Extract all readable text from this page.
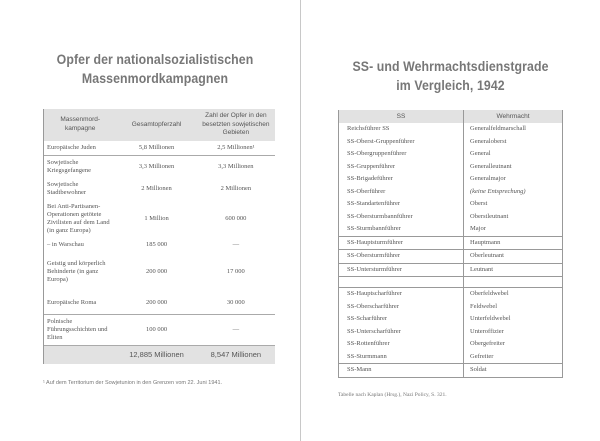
Opfer der nationalsozialistischen
Massenmordkampagnen
Massenmord-kampagne	Gesamtopferzahl	Zahl der Opfer in den besetzten sowjetischen Gebieten
Europäische Juden	5,8 Millionen	2,5 Millionen¹
Sowjetische Kriegsgefangene	3,3 Millionen	3,3 Millionen
Sowjetische Stadtbewohner	2 Millionen	2 Millionen
Bei Anti-Partisanen-Operationen getötete Zivilisten auf dem Land (in ganz Europa)	1 Million	600 000
– in Warschau	185 000	—
Geistig und körperlich Behinderte (in ganz Europa)	200 000	17 000
Europäische Roma	200 000	30 000
Polnische Führungsschichten und Eliten	100 000	—
	12,885 Millionen	8,547 Millionen
¹ Auf dem Territorium der Sowjetunion in den Grenzen vom 22. Juni 1941.
SS- und Wehrmachtsdienstgrade
im Vergleich, 1942
SS	Wehrmacht
Reichsführer SS	Generalfeldmarschall
SS-Oberst-Gruppenführer	Generaloberst
SS-Obergruppenführer	General
SS-Gruppenführer	Generalleutnant
SS-Brigadeführer	Generalmajor
SS-Oberführer	(keine Entsprechung)
SS-Standartenführer	Oberst
SS-Obersturmbannführer	Oberstleutnant
SS-Sturmbannführer	Major
SS-Hauptsturmführer	Hauptmann
SS-Obersturmführer	Oberleutnant
SS-Untersturmführer	Leutnant

SS-Hauptscharführer	Oberfeldwebel
SS-Oberscharführer	Feldwebel
SS-Scharführer	Unterfeldwebel
SS-Unterscharführer	Unteroffizier
SS-Rottenführer	Obergefreiter
SS-Sturmmann	Gefreiter
SS-Mann	Soldat
Tabelle nach Kaplan (Hrsg.), Nazi Policy, S. 321.
